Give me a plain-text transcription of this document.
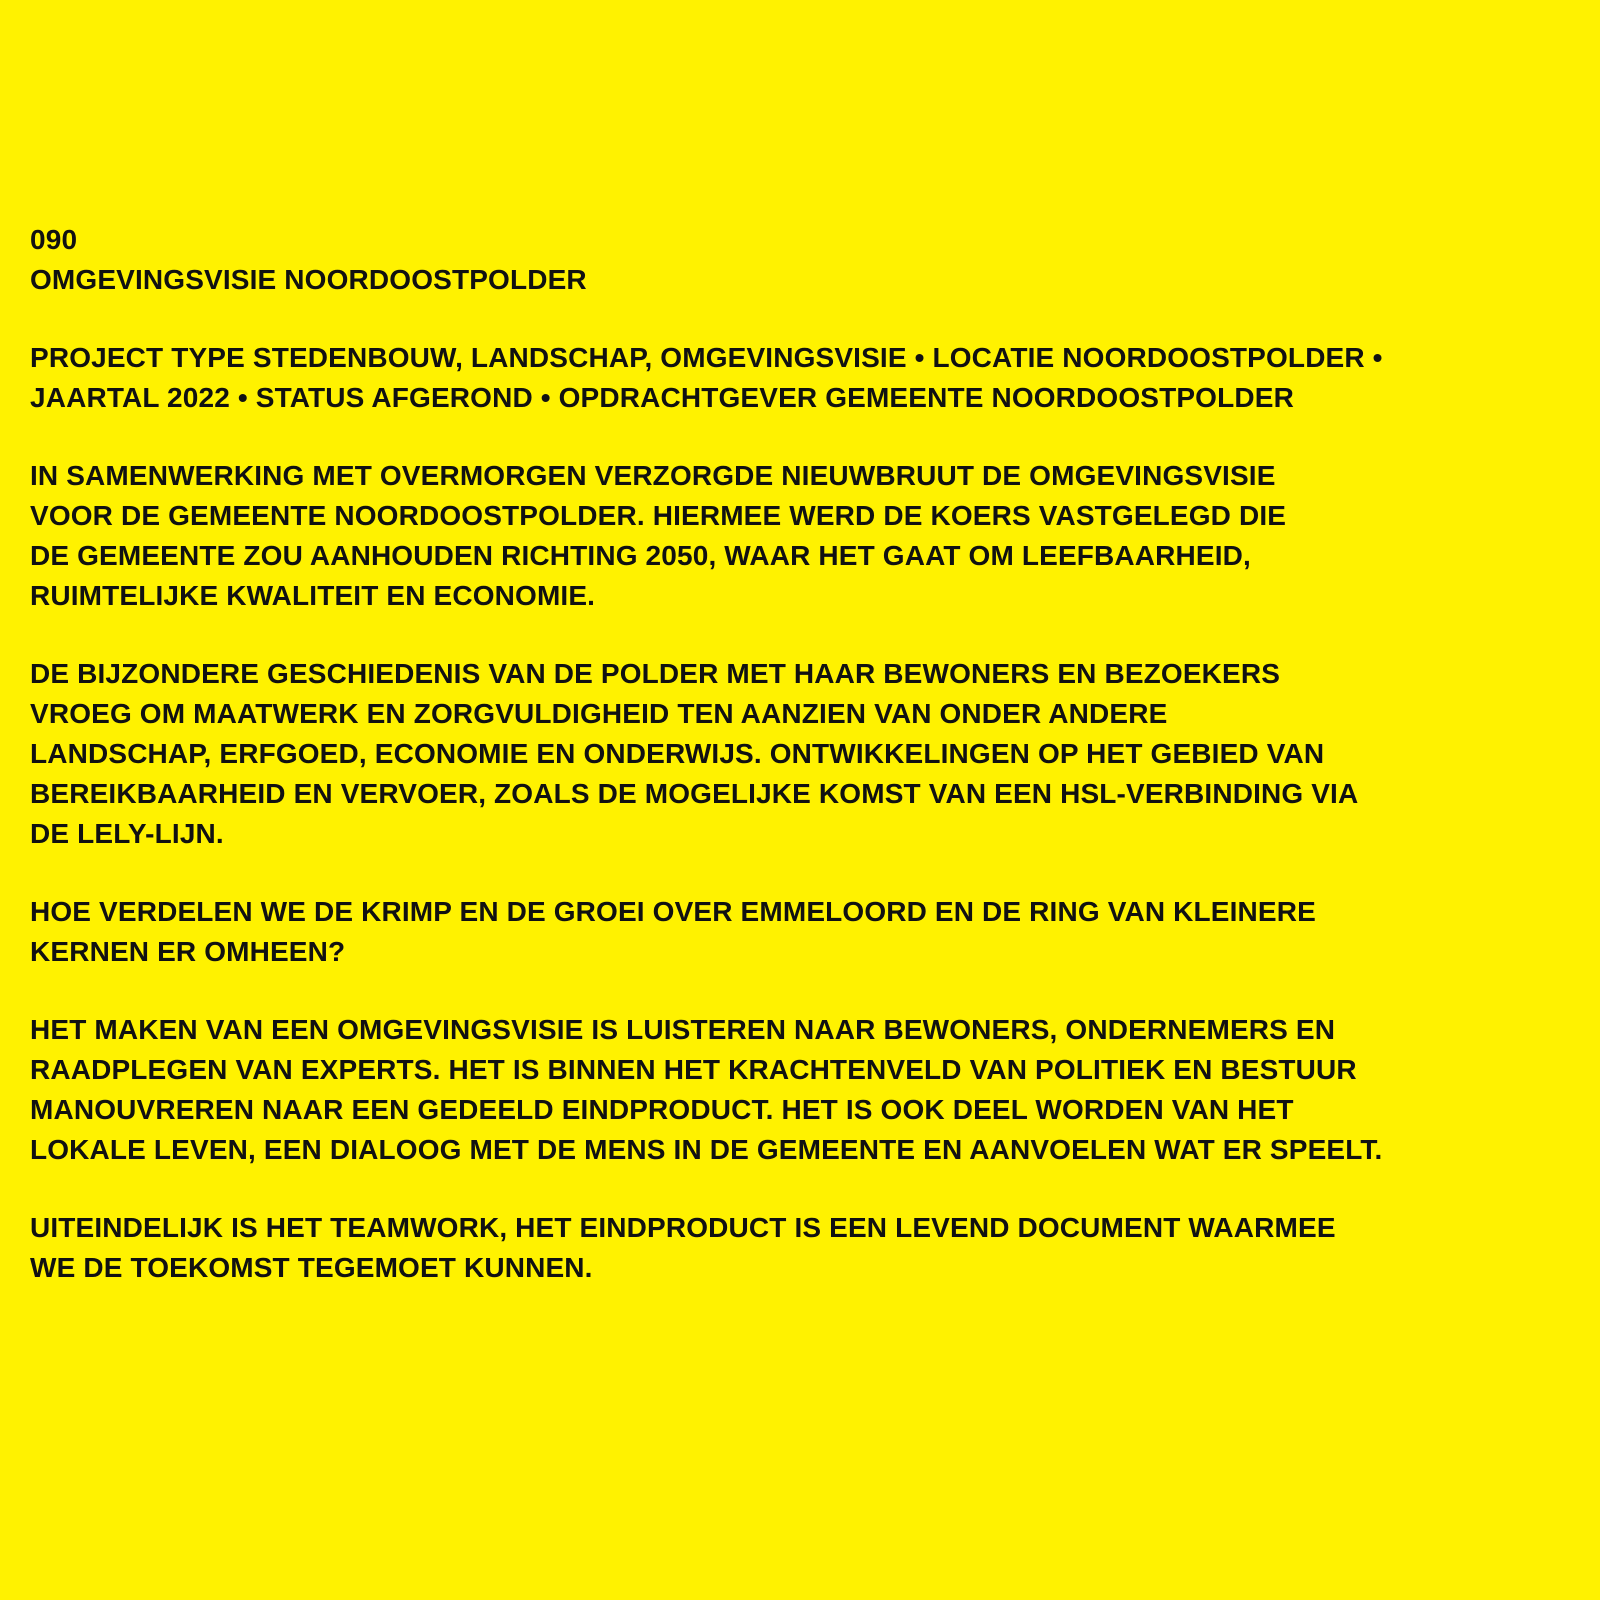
090
OMGEVINGSVISIE NOORDOOSTPOLDER
PROJECT TYPE STEDENBOUW, LANDSCHAP, OMGEVINGSVISIE • LOCATIE NOORDOOSTPOLDER •
JAARTAL 2022 • STATUS AFGEROND • OPDRACHTGEVER GEMEENTE NOORDOOSTPOLDER
IN SAMENWERKING MET OVERMORGEN VERZORGDE NIEUWBRUUT DE OMGEVINGSVISIE
VOOR DE GEMEENTE NOORDOOSTPOLDER. HIERMEE WERD DE KOERS VASTGELEGD DIE
DE GEMEENTE ZOU AANHOUDEN RICHTING 2050, WAAR HET GAAT OM LEEFBAARHEID,
RUIMTELIJKE KWALITEIT EN ECONOMIE.
DE BIJZONDERE GESCHIEDENIS VAN DE POLDER MET HAAR BEWONERS EN BEZOEKERS
VROEG OM MAATWERK EN ZORGVULDIGHEID TEN AANZIEN VAN ONDER ANDERE
LANDSCHAP, ERFGOED, ECONOMIE EN ONDERWIJS. ONTWIKKELINGEN OP HET GEBIED VAN
BEREIKBAARHEID EN VERVOER, ZOALS DE MOGELIJKE KOMST VAN EEN HSL-VERBINDING VIA
DE LELY-LIJN.
HOE VERDELEN WE DE KRIMP EN DE GROEI OVER EMMELOORD EN DE RING VAN KLEINERE
KERNEN ER OMHEEN?
HET MAKEN VAN EEN OMGEVINGSVISIE IS LUISTEREN NAAR BEWONERS, ONDERNEMERS EN
RAADPLEGEN VAN EXPERTS. HET IS BINNEN HET KRACHTENVELD VAN POLITIEK EN BESTUUR
MANOUVREREN NAAR EEN GEDEELD EINDPRODUCT. HET IS OOK DEEL WORDEN VAN HET
LOKALE LEVEN, EEN DIALOOG MET DE MENS IN DE GEMEENTE EN AANVOELEN WAT ER SPEELT.
UITEINDELIJK IS HET TEAMWORK, HET EINDPRODUCT IS EEN LEVEND DOCUMENT WAARMEE
WE DE TOEKOMST TEGEMOET KUNNEN.
